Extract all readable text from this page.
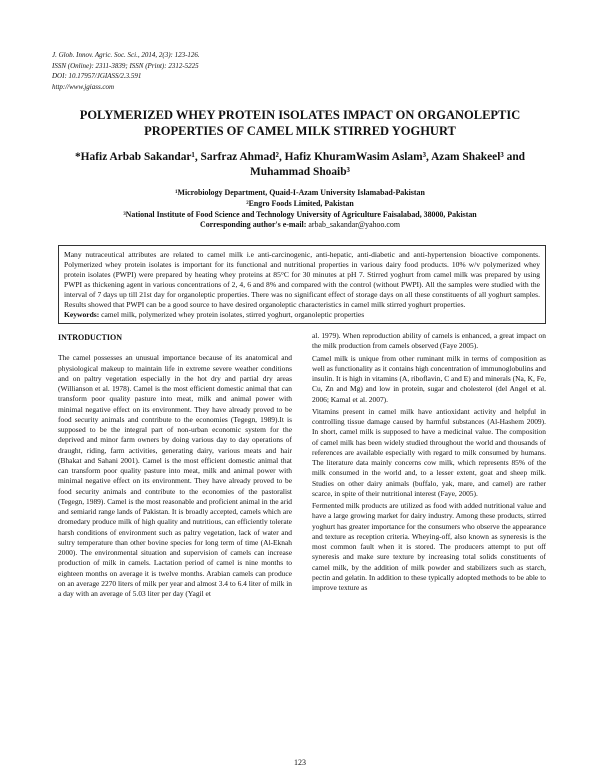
J. Glob. Innov. Agric. Soc. Sci., 2014, 2(3): 123-126.
ISSN (Online): 2311-3839; ISSN (Print): 2312-5225
DOI: 10.17957/JGIASS/2.3.591
http://www.jgiass.com
POLYMERIZED WHEY PROTEIN ISOLATES IMPACT ON ORGANOLEPTIC
PROPERTIES OF CAMEL MILK STIRRED YOGHURT
*Hafiz Arbab Sakandar¹, Sarfraz Ahmad², Hafiz KhuramWasim Aslam³, Azam Shakeel³ and
Muhammad Shoaib³
¹Microbiology Department, Quaid-I-Azam University Islamabad-Pakistan
²Engro Foods Limited, Pakistan
³National Institute of Food Science and Technology University of Agriculture Faisalabad, 38000, Pakistan
Corresponding author's e-mail: arbab_sakandar@yahoo.com

Many nutraceutical attributes are related to camel milk i.e anti-carcinogenic, anti-hepatic, anti-diabetic and anti-hypertension bioactive components. Polymerized whey protein isolates is important for its functional and nutritional properties in various dairy food products. 10% w/v polymerized whey protein isolates (PWPI) were prepared by heating whey proteins at 85°C for 30 minutes at pH 7. Stirred yoghurt from camel milk was prepared by using PWPI as thickening agent in various concentrations of 2, 4, 6 and 8% and compared with the control (without PWPI). All the samples were studied with the interval of 7 days up till 21st day for organoleptic properties. There was no significant effect of storage days on all these constituents of all yoghurt samples. Results showed that PWPI can be a good source to have desired organoleptic characteristics in camel milk stirred yoghurt properties.

Keywords: camel milk, polymerized whey protein isolates, stirred yoghurt, organoleptic properties

INTRODUCTION

The camel possesses an unusual importance because of its anatomical and physiological makeup to maintain life in extreme severe weather conditions and on paltry vegetation especially in the hot dry and partial dry areas (Willianson et al. 1978). Camel is the most efficient domestic animal that can transform poor quality pasture into meat, milk and animal power with minimal negative effect on its environment. They have already proved to be food security animals and contribute to the economies (Tegegn, 1989).It is supposed to be the integral part of non-urban economic system for the deprived and minor farm owners by doing various day to day operations of draught, riding, farm activities, generating dairy, various meats and hair (Bhakat and Sahani 2001). Camel is the most efficient domestic animal that can transform poor quality pasture into meat, milk and animal power with minimal negative effect on its environment. They have already proved to be food security animals and contribute to the economies of the pastoralist (Tegegn, 1989). Camel is the most reasonable and proficient animal in the arid and semiarid range lands of Pakistan. It is broadly accepted, camels which are dromedary produce milk of high quality and nutritious, can efficiently tolerate harsh conditions of environment such as paltry vegetation, lack of water and sultry temperature than other bovine species for long term of time (Al-Eknah 2000). The environmental situation and supervision of camels can increase production of milk in camels. Lactation period of camel is nine months to eighteen months on average it is twelve months. Arabian camels can produce on an average 2270 liters of milk per year and almost 3.4 to 6.4 liter of milk in a day with an average of 5.03 liter per day (Yagil et

al. 1979). When reproduction ability of camels is enhanced, a great impact on the milk production from camels observed (Faye 2005).

Camel milk is unique from other ruminant milk in terms of composition as well as functionality as it contains high concentration of immunoglobulins and insulin. It is high in vitamins (A, riboflavin, C and E) and minerals (Na, K, Fe, Cu, Zn and Mg) and low in protein, sugar and cholesterol (del Angel et al. 2006; Kamal et al. 2007).

Vitamins present in camel milk have antioxidant activity and helpful in controlling tissue damage caused by harmful substances (Al-Hashem 2009). In short, camel milk is supposed to have a medicinal value. The composition of camel milk has been widely studied throughout the world and thousands of references are available especially with regard to milk consumed by humans. The literature data mainly concerns cow milk, which represents 85% of the milk consumed in the world and, to a lesser extent, goat and sheep milk. Studies on other dairy animals (buffalo, yak, mare, and camel) are rather scarce, in spite of their nutritional interest (Faye, 2005).

Fermented milk products are utilized as food with added nutritional value and have a large growing market for dairy industry. Among these products, stirred yoghurt has greater importance for the consumers who observe the appearance and texture as reception criteria. Wheying-off, also known as syneresis is the most common fault when it is stored. The producers attempt to put off syneresis and make sure texture by increasing total solids constituents of camel milk, by the addition of milk powder and stabilizers such as starch, pectin and gelatin. In addition to these typically adopted methods to be able to improve texture as

123
